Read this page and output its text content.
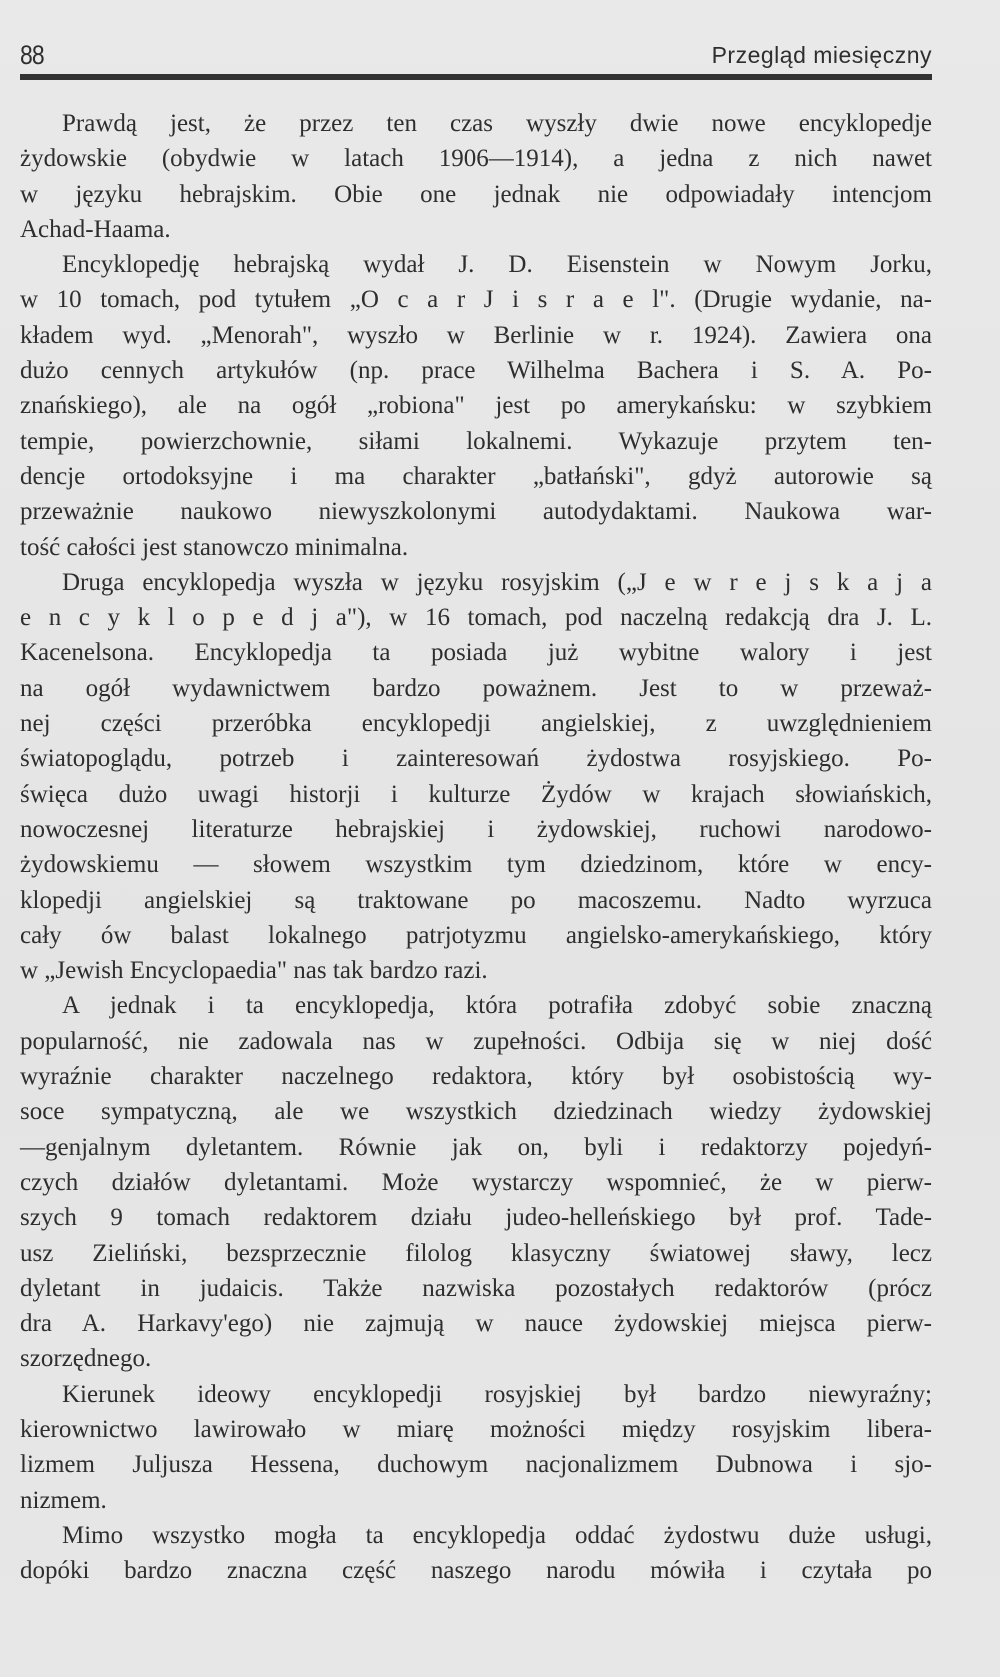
88	Przegląd miesięczny
Prawdą jest, że przez ten czas wyszły dwie nowe encyklopedje
żydowskie (obydwie w latach 1906—1914), a jedna z nich nawet
w języku hebrajskim. Obie one jednak nie odpowiadały intencjom
Achad-Haama.
Encyklopedję hebrajską wydał J. D. Eisenstein w Nowym Jorku,
w 10 tomach, pod tytułem „O c a r J i s r a e l". (Drugie wydanie, na-
kładem wyd. „Menorah", wyszło w Berlinie w r. 1924). Zawiera ona
dużo cennych artykułów (np. prace Wilhelma Bachera i S. A. Po-
znańskiego), ale na ogół „robiona" jest po amerykańsku: w szybkiem
tempie, powierzchownie, siłami lokalnemi. Wykazuje przytem ten-
dencje ortodoksyjne i ma charakter „batłański", gdyż autorowie są
przeważnie naukowo niewyszkolonymi autodydaktami. Naukowa war-
tość całości jest stanowczo minimalna.
Druga encyklopedja wyszła w języku rosyjskim („J e w r e j s k a j a
e n c y k l o p e d j a"), w 16 tomach, pod naczelną redakcją dra J. L.
Kacenelsona. Encyklopedja ta posiada już wybitne walory i jest
na ogół wydawnictwem bardzo poważnem. Jest to w przeważ-
nej części przeróbka encyklopedji angielskiej, z uwzględnieniem
światopoglądu, potrzeb i zainteresowań żydostwa rosyjskiego. Po-
święca dużo uwagi historji i kulturze Żydów w krajach słowiańskich,
nowoczesnej literaturze hebrajskiej i żydowskiej, ruchowi narodowo-
żydowskiemu — słowem wszystkim tym dziedzinom, które w ency-
klopedji angielskiej są traktowane po macoszemu. Nadto wyrzuca
cały ów balast lokalnego patrjotyzmu angielsko-amerykańskiego, który
w „Jewish Encyclopaedia" nas tak bardzo razi.
A jednak i ta encyklopedja, która potrafiła zdobyć sobie znaczną
popularność, nie zadowala nas w zupełności. Odbija się w niej dość
wyraźnie charakter naczelnego redaktora, który był osobistością wy-
soce sympatyczną, ale we wszystkich dziedzinach wiedzy żydowskiej
—genjalnym dyletantem. Równie jak on, byli i redaktorzy pojedyń-
czych działów dyletantami. Może wystarczy wspomnieć, że w pierw-
szych 9 tomach redaktorem działu judeo-helleńskiego był prof. Tade-
usz Zieliński, bezsprzecznie filolog klasyczny światowej sławy, lecz
dyletant in judaicis. Także nazwiska pozostałych redaktorów (prócz
dra A. Harkavy'ego) nie zajmują w nauce żydowskiej miejsca pierw-
szorzędnego.
Kierunek ideowy encyklopedji rosyjskiej był bardzo niewyraźny;
kierownictwo lawirowało w miarę możności między rosyjskim libera-
lizmem Juljusza Hessena, duchowym nacjonalizmem Dubnowa i sjo-
nizmem.
Mimo wszystko mogła ta encyklopedja oddać żydostwu duże usługi,
dopóki bardzo znaczna część naszego narodu mówiła i czytała po
